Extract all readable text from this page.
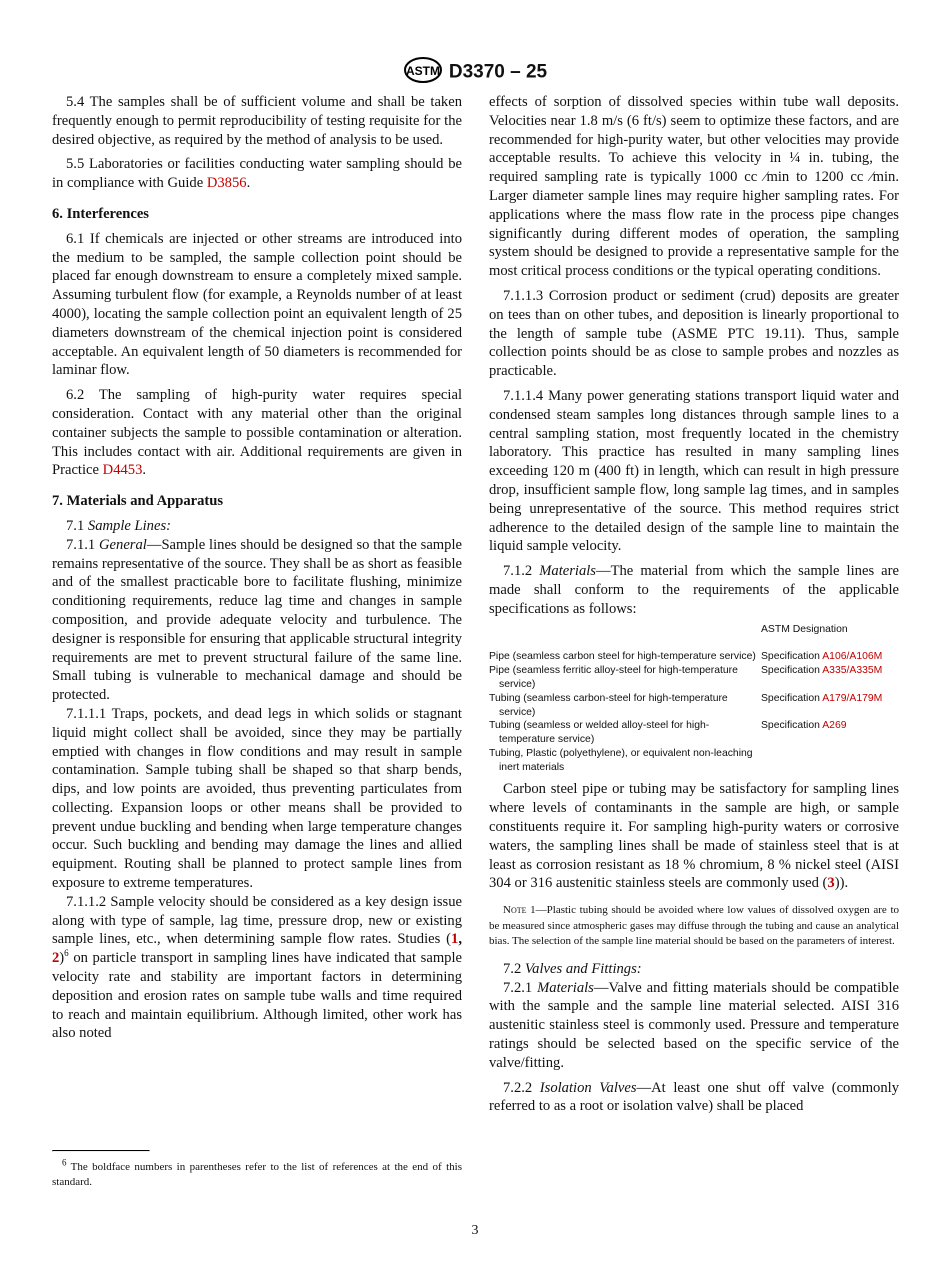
ASTM D3370 – 25

5.4 The samples shall be of sufficient volume and shall be taken frequently enough to permit reproducibility of testing requisite for the desired objective, as required by the method of analysis to be used.

5.5 Laboratories or facilities conducting water sampling should be in compliance with Guide D3856.

6. Interferences

6.1 If chemicals are injected or other streams are introduced into the medium to be sampled, the sample collection point should be placed far enough downstream to ensure a completely mixed sample. Assuming turbulent flow (for example, a Reynolds number of at least 4000), locating the sample collection point an equivalent length of 25 diameters downstream of the chemical injection point is considered acceptable. An equivalent length of 50 diameters is recommended for laminar flow.

6.2 The sampling of high-purity water requires special consideration. Contact with any material other than the original container subjects the sample to possible contamination or alteration. This includes contact with air. Additional requirements are given in Practice D4453.

7. Materials and Apparatus

7.1 Sample Lines:

7.1.1 General—Sample lines should be designed so that the sample remains representative of the source. They shall be as short as feasible and of the smallest practicable bore to facilitate flushing, minimize conditioning requirements, reduce lag time and changes in sample composition, and provide adequate velocity and turbulence. The designer is responsible for ensuring that applicable structural integrity requirements are met to prevent structural failure of the same line. Small tubing is vulnerable to mechanical damage and should be protected.

7.1.1.1 Traps, pockets, and dead legs in which solids or stagnant liquid might collect shall be avoided, since they may be partially emptied with changes in flow conditions and may result in sample contamination. Sample tubing shall be shaped so that sharp bends, dips, and low points are avoided, thus preventing particulates from collecting. Expansion loops or other means shall be provided to prevent undue buckling and bending when large temperature changes occur. Such buckling and bending may damage the lines and allied equipment. Routing shall be planned to protect sample lines from exposure to extreme temperatures.

7.1.1.2 Sample velocity should be considered as a key design issue along with type of sample, lag time, pressure drop, new or existing sample lines, etc., when determining sample flow rates. Studies (1, 2)$^6$ on particle transport in sampling lines have indicated that sample velocity rate and stability are important factors in determining deposition and erosion rates on sample tube walls and time required to reach and maintain equilibrium. Although limited, other work has also noted

$^6$ The boldface numbers in parentheses refer to the list of references at the end of this standard.

effects of sorption of dissolved species within tube wall deposits. Velocities near 1.8 m/s (6 ft/s) seem to optimize these factors, and are recommended for high-purity water, but other velocities may provide acceptable results. To achieve this velocity in ¼ in. tubing, the required sampling rate is typically 1000 cc ⁄min to 1200 cc ⁄min. Larger diameter sample lines may require higher sampling rates. For applications where the mass flow rate in the process pipe changes significantly during different modes of operation, the sampling system should be designed to provide a representative sample for the most critical process conditions or the typical operating conditions.

7.1.1.3 Corrosion product or sediment (crud) deposits are greater on tees than on other tubes, and deposition is linearly proportional to the length of sample tube (ASME PTC 19.11). Thus, sample collection points should be as close to sample probes and nozzles as practicable.

7.1.1.4 Many power generating stations transport liquid water and condensed steam samples long distances through sample lines to a central sampling station, most frequently located in the chemistry laboratory. This practice has resulted in many sampling lines exceeding 120 m (400 ft) in length, which can result in high pressure drop, insufficient sample flow, long sample lag times, and in samples being unrepresentative of the source. This method requires strict adherence to the detailed design of the sample line to maintain the liquid sample velocity.

7.1.2 Materials—The material from which the sample lines are made shall conform to the requirements of the applicable specifications as follows:

	ASTM Designation
Pipe (seamless carbon steel for high-temperature service)	Specification A106/A106M
Pipe (seamless ferritic alloy-steel for high-temperature service)	Specification A335/A335M
Tubing (seamless carbon-steel for high-temperature service)	Specification A179/A179M
Tubing (seamless or welded alloy-steel for high-temperature service)	Specification A269
Tubing, Plastic (polyethylene), or equivalent non-leaching inert materials	

Carbon steel pipe or tubing may be satisfactory for sampling lines where levels of contaminants in the sample are high, or sample constituents require it. For sampling high-purity waters or corrosive waters, the sampling lines shall be made of stainless steel that is at least as corrosion resistant as 18 % chromium, 8 % nickel steel (AISI 304 or 316 austenitic stainless steels are commonly used (3)).

Note 1—Plastic tubing should be avoided where low values of dissolved oxygen are to be measured since atmospheric gases may diffuse through the tubing and cause an analytical bias. The selection of the sample line material should be based on the parameters of interest.

7.2 Valves and Fittings:

7.2.1 Materials—Valve and fitting materials should be compatible with the sample and the sample line material selected. AISI 316 austenitic stainless steel is commonly used. Pressure and temperature ratings should be selected based on the specific service of the valve/fitting.

7.2.2 Isolation Valves—At least one shut off valve (commonly referred to as a root or isolation valve) shall be placed

3
